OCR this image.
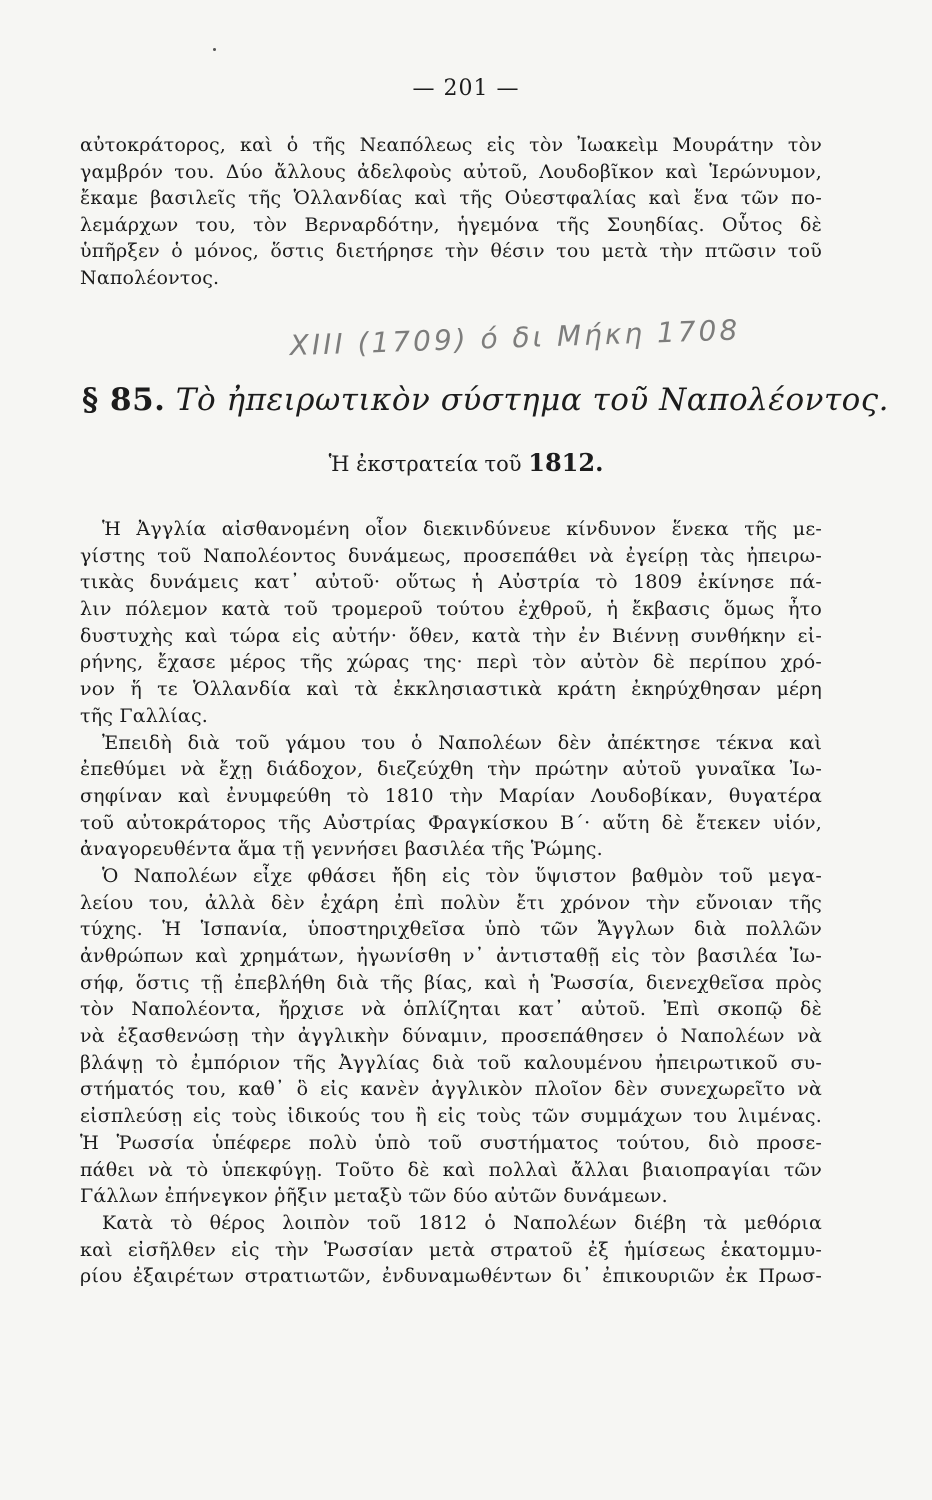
— 201 —
αὐτοκράτορος, καὶ ὁ τῆς Νεαπόλεως εἰς τὸν Ἰωακεὶμ Μουράτην τὸν
γαμβρόν του. Δύο ἄλλους ἀδελφοὺς αὐτοῦ, Λουδοβῖκον καὶ Ἱερώνυμον,
ἔκαμε βασιλεῖς τῆς Ὁλλανδίας καὶ τῆς Οὐεστφαλίας καὶ ἕνα τῶν πο-
λεμάρχων του, τὸν Βερναρδότην, ἡγεμόνα τῆς Σουηδίας. Οὗτος δὲ
ὑπῆρξεν ὁ μόνος, ὅστις διετήρησε τὴν θέσιν του μετὰ τὴν πτῶσιν τοῦ
Ναπολέοντος.
XIII (1709) ό δι Μήκη 1708
§ 85. Τὸ ἠπειρωτικὸν σύστημα τοῦ Ναπολέοντος.
Ἡ ἐκστρατεία τοῦ 1812.
Ἡ Ἀγγλία αἰσθανομένη οἷον διεκινδύνευε κίνδυνον ἕνεκα τῆς με-
γίστης τοῦ Ναπολέοντος δυνάμεως, προσεπάθει νὰ ἐγείρῃ τὰς ἠπειρω-
τικὰς δυνάμεις κατ᾽ αὐτοῦ· οὕτως ἡ Αὐστρία τὸ 1809 ἐκίνησε πά-
λιν πόλεμον κατὰ τοῦ τρομεροῦ τούτου ἐχθροῦ, ἡ ἔκβασις ὅμως ἦτο
δυστυχὴς καὶ τώρα εἰς αὐτήν· ὅθεν, κατὰ τὴν ἐν Βιέννῃ συνθήκην εἰ-
ρήνης, ἔχασε μέρος τῆς χώρας της· περὶ τὸν αὐτὸν δὲ περίπου χρό-
νον ἥ τε Ὁλλανδία καὶ τὰ ἐκκλησιαστικὰ κράτη ἐκηρύχθησαν μέρη
τῆς Γαλλίας.
Ἐπειδὴ διὰ τοῦ γάμου του ὁ Ναπολέων δὲν ἀπέκτησε τέκνα καὶ
ἐπεθύμει νὰ ἔχῃ διάδοχον, διεζεύχθη τὴν πρώτην αὐτοῦ γυναῖκα Ἰω-
σηφίναν καὶ ἐνυμφεύθη τὸ 1810 τὴν Μαρίαν Λουδοβίκαν, θυγατέρα
τοῦ αὐτοκράτορος τῆς Αὐστρίας Φραγκίσκου Β΄· αὕτη δὲ ἔτεκεν υἱόν,
ἀναγορευθέντα ἅμα τῇ γεννήσει βασιλέα τῆς Ῥώμης.
Ὁ Ναπολέων εἶχε φθάσει ἤδη εἰς τὸν ὕψιστον βαθμὸν τοῦ μεγα-
λείου του, ἀλλὰ δὲν ἐχάρη ἐπὶ πολὺν ἔτι χρόνον τὴν εὔνοιαν τῆς
τύχης. Ἡ Ἱσπανία, ὑποστηριχθεῖσα ὑπὸ τῶν Ἄγγλων διὰ πολλῶν
ἀνθρώπων καὶ χρημάτων, ἠγωνίσθη ν᾽ ἀντισταθῇ εἰς τὸν βασιλέα Ἰω-
σήφ, ὅστις τῇ ἐπεβλήθη διὰ τῆς βίας, καὶ ἡ Ῥωσσία, διενεχθεῖσα πρὸς
τὸν Ναπολέοντα, ἤρχισε νὰ ὁπλίζηται κατ᾽ αὐτοῦ. Ἐπὶ σκοπῷ δὲ
νὰ ἐξασθενώσῃ τὴν ἀγγλικὴν δύναμιν, προσεπάθησεν ὁ Ναπολέων νὰ
βλάψῃ τὸ ἐμπόριον τῆς Ἀγγλίας διὰ τοῦ καλουμένου ἠπειρωτικοῦ συ-
στήματός του, καθ᾽ ὃ εἰς κανὲν ἀγγλικὸν πλοῖον δὲν συνεχωρεῖτο νὰ
εἰσπλεύσῃ εἰς τοὺς ἰδικούς του ἢ εἰς τοὺς τῶν συμμάχων του λιμένας.
Ἡ Ῥωσσία ὑπέφερε πολὺ ὑπὸ τοῦ συστήματος τούτου, διὸ προσε-
πάθει νὰ τὸ ὑπεκφύγῃ. Τοῦτο δὲ καὶ πολλαὶ ἄλλαι βιαιοπραγίαι τῶν
Γάλλων ἐπήνεγκον ῥῆξιν μεταξὺ τῶν δύο αὐτῶν δυνάμεων.
Κατὰ τὸ θέρος λοιπὸν τοῦ 1812 ὁ Ναπολέων διέβη τὰ μεθόρια
καὶ εἰσῆλθεν εἰς τὴν Ῥωσσίαν μετὰ στρατοῦ ἐξ ἡμίσεως ἑκατομμυ-
ρίου ἐξαιρέτων στρατιωτῶν, ἐνδυναμωθέντων δι᾽ ἐπικουριῶν ἐκ Πρωσ-
